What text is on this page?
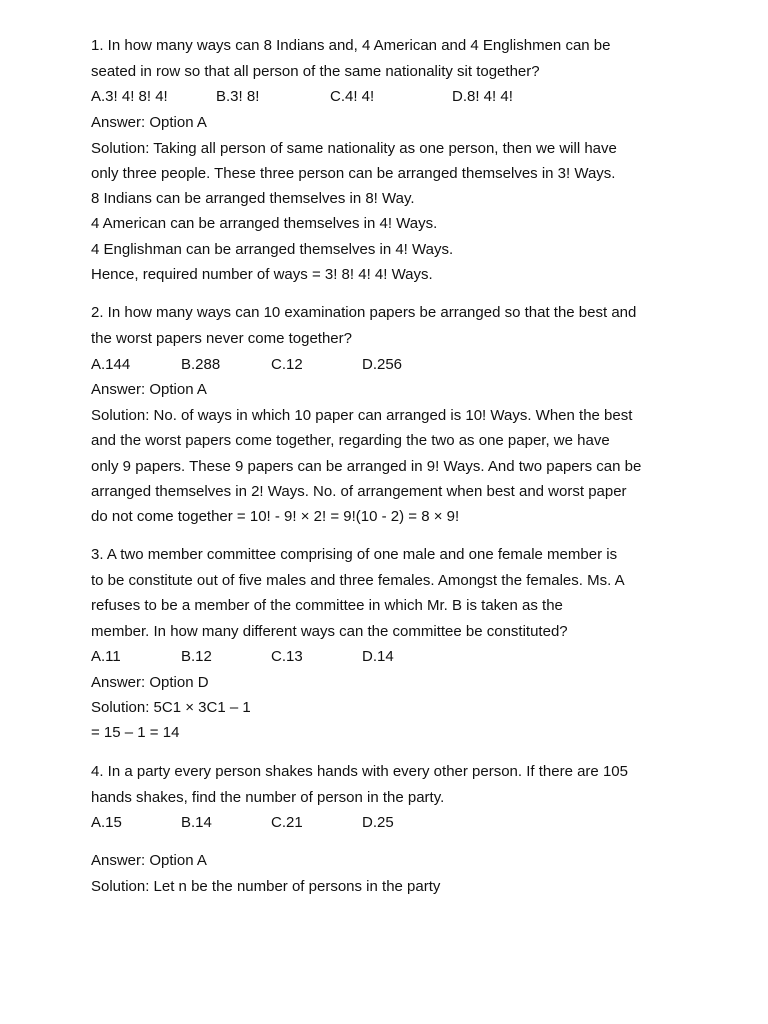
1. In how many ways can 8 Indians and, 4 American and 4 Englishmen can be
seated in row so that all person of the same nationality sit together?
A.3! 4! 8! 4!	B.3! 8!	C.4! 4!	D.8! 4! 4!
Answer: Option A
Solution: Taking all person of same nationality as one person, then we will have
only three people. These three person can be arranged themselves in 3! Ways.
8 Indians can be arranged themselves in 8! Way.
4 American can be arranged themselves in 4! Ways.
4 Englishman can be arranged themselves in 4! Ways.
Hence, required number of ways = 3! 8! 4! 4! Ways.
2. In how many ways can 10 examination papers be arranged so that the best and
the worst papers never come together?
A.144	B.288	C.12	D.256
Answer: Option A
Solution: No. of ways in which 10 paper can arranged is 10! Ways. When the best
and the worst papers come together, regarding the two as one paper, we have
only 9 papers. These 9 papers can be arranged in 9! Ways. And two papers can be
arranged themselves in 2! Ways. No. of arrangement when best and worst paper
do not come together = 10! - 9! × 2! = 9!(10 - 2) = 8 × 9!
3. A two member committee comprising of one male and one female member is
to be constitute out of five males and three females. Amongst the females. Ms. A
refuses to be a member of the committee in which Mr. B is taken as the
member. In how many different ways can the committee be constituted?
A.11	B.12	C.13	D.14
Answer: Option D
Solution: 5C1 × 3C1 – 1
= 15 – 1 = 14
4. In a party every person shakes hands with every other person. If there are 105
hands shakes, find the number of person in the party.
A.15	B.14	C.21	D.25
Answer: Option A
Solution: Let n be the number of persons in the party
